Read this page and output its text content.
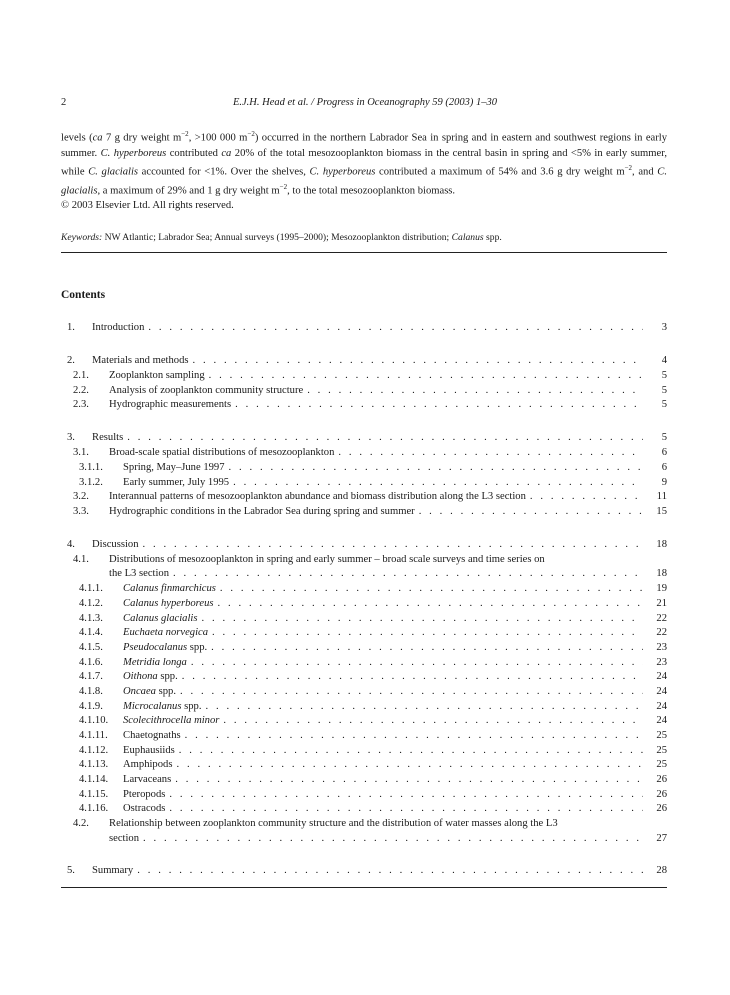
2	E.J.H. Head et al. / Progress in Oceanography 59 (2003) 1–30

levels (ca 7 g dry weight $m^{-2}$, >100 000 $m^{-2}$) occurred in the northern Labrador Sea in spring and in eastern and southwest regions in early summer. C. hyperboreus contributed ca 20% of the total mesozooplankton biomass in the central basin in spring and <5% in early summer, while C. glacialis accounted for <1%. Over the shelves, C. hyperboreus contributed a maximum of 54% and 3.6 g dry weight $m^{-2}$, and C. glacialis, a maximum of 29% and 1 g dry weight $m^{-2}$, to the total mesozooplankton biomass.

© 2003 Elsevier Ltd. All rights reserved.

Keywords: NW Atlantic; Labrador Sea; Annual surveys (1995–2000); Mesozooplankton distribution; Calanus spp.
Contents
1. Introduction . . .	3
2. Materials and methods . . .	4
2.1. Zooplankton sampling . . .	5
2.2. Analysis of zooplankton community structure . . .	5
2.3. Hydrographic measurements . . .	5
3. Results . . .	5
3.1. Broad-scale spatial distributions of mesozooplankton . . .	6
3.1.1. Spring, May–June 1997 . . .	6
3.1.2. Early summer, July 1995 . . .	9
3.2. Interannual patterns of mesozooplankton abundance and biomass distribution along the L3 section . . .	11
3.3. Hydrographic conditions in the Labrador Sea during spring and summer . . .	15
4. Discussion . . .	18
4.1. Distributions of mesozooplankton in spring and early summer – broad scale surveys and time series on
the L3 section . . .	18
4.1.1. Calanus finmarchicus . . .	19
4.1.2. Calanus hyperboreus . . .	21
4.1.3. Calanus glacialis . . .	22
4.1.4. Euchaeta norvegica . . .	22
4.1.5. Pseudocalanus spp. . . .	23
4.1.6. Metridia longa . . .	23
4.1.7. Oithona spp. . . .	24
4.1.8. Oncaea spp. . . .	24
4.1.9. Microcalanus spp. . . .	24
4.1.10. Scolecithrocella minor . . .	24
4.1.11. Chaetognaths . . .	25
4.1.12. Euphausiids . . .	25
4.1.13. Amphipods . . .	25
4.1.14. Larvaceans . . .	26
4.1.15. Pteropods . . .	26
4.1.16. Ostracods . . .	26
4.2. Relationship between zooplankton community structure and the distribution of water masses along the L3
section . . .	27
5. Summary . . .	28
